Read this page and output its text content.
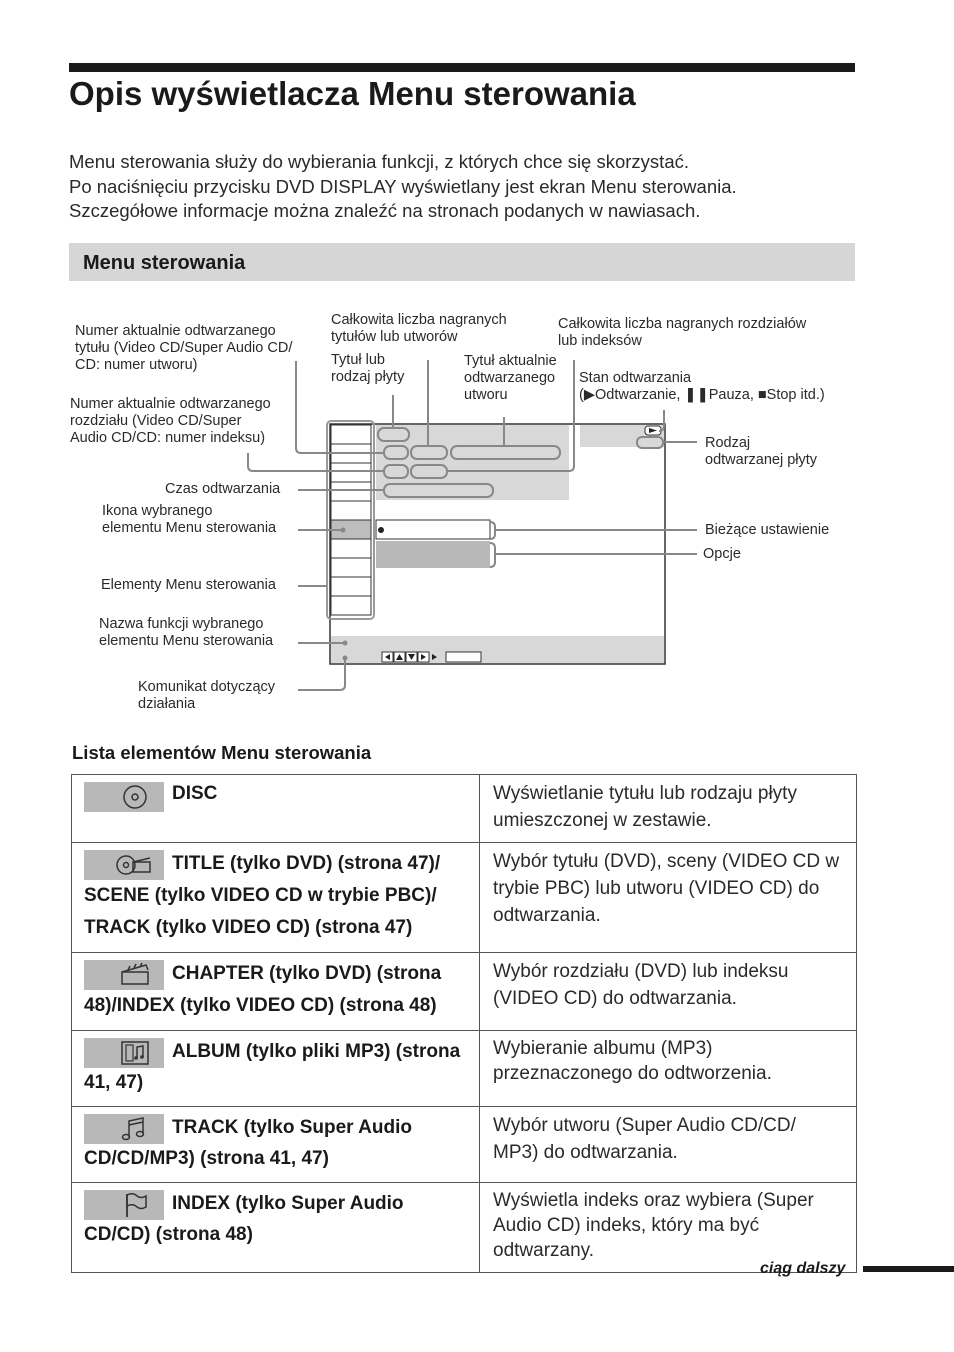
Opis wyświetlacza Menu sterowania
Menu sterowania służy do wybierania funkcji, z których chce się skorzystać.
Po naciśnięciu przycisku DVD DISPLAY wyświetlany jest ekran Menu sterowania.
Szczegółowe informacje można znaleźć na stronach podanych w nawiasach.
Menu sterowania
Numer aktualnie odtwarzanego
tytułu (Video CD/Super Audio CD/
CD: numer utworu)
Numer aktualnie odtwarzanego
rozdziału (Video CD/Super
Audio CD/CD: numer indeksu)
Całkowita liczba nagranych
tytułów lub utworów
Tytuł lub
rodzaj płyty
Tytuł aktualnie
odtwarzanego
utworu
Całkowita liczba nagranych rozdziałów
lub indeksów
Stan odtwarzania
(▶Odtwarzanie, ❚❚Pauza, ■Stop itd.)
Rodzaj
odtwarzanej płyty
Czas odtwarzania
Ikona wybranego
elementu Menu sterowania	Bieżące ustawienie
Opcje
Elementy Menu sterowania
Nazwa funkcji wybranego
elementu Menu sterowania
Komunikat dotyczący
działania
Lista elementów Menu sterowania
DISC	Wyświetlanie tytułu lub rodzaju płyty umieszczonej w zestawie.
TITLE (tylko DVD) (strona 47)/ SCENE (tylko VIDEO CD w trybie PBC)/ TRACK (tylko VIDEO CD) (strona 47)	Wybór tytułu (DVD), sceny (VIDEO CD w trybie PBC) lub utworu (VIDEO CD) do odtwarzania.
CHAPTER (tylko DVD) (strona 48)/INDEX (tylko VIDEO CD) (strona 48)	Wybór rozdziału (DVD) lub indeksu (VIDEO CD) do odtwarzania.
ALBUM (tylko pliki MP3) (strona 41, 47)	Wybieranie albumu (MP3) przeznaczonego do odtworzenia.
TRACK (tylko Super Audio CD/CD/MP3) (strona 41, 47)	Wybór utworu (Super Audio CD/CD/ MP3) do odtwarzania.
INDEX (tylko Super Audio CD/CD) (strona 48)	Wyświetla indeks oraz wybiera (Super Audio CD) indeks, który ma być odtwarzany.
ciąg dalszy
